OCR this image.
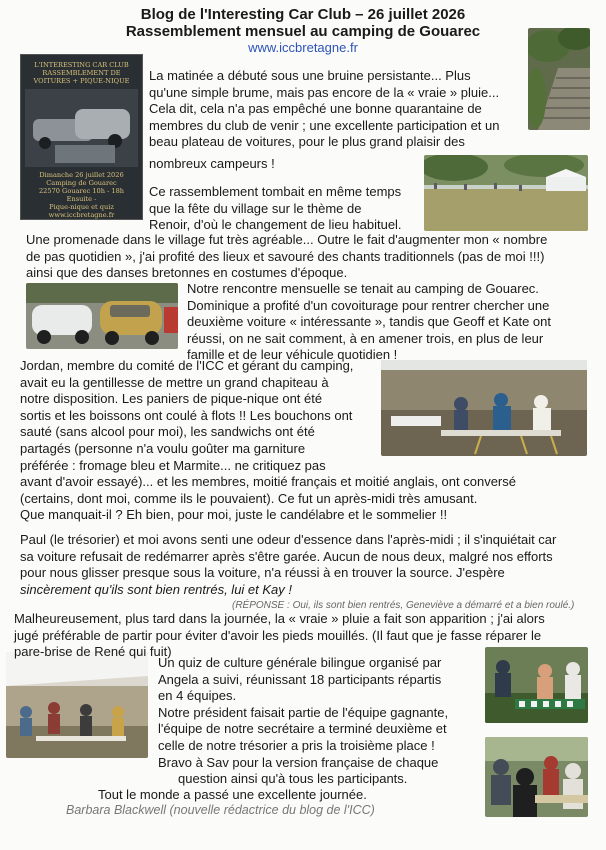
Blog de l'Interesting Car Club – 26 juillet 2026
Rassemblement mensuel au camping de Gouarec
www.iccbretagne.fr
L'INTERESTING CAR CLUB
RASSEMBLEMENT DE
VOITURES + PIQUE-NIQUE
Dimanche 26 juillet 2026
Camping de Gouarec
22570 Gouarec 10h - 18h
Ensuite -
Pique-nique et quiz
www.iccbretagne.fr
La matinée a débuté sous une bruine persistante... Plus
qu'une simple brume, mais pas encore de la « vraie » pluie...
Cela dit, cela n'a pas empêché une bonne quarantaine de
membres du club de venir ; une excellente participation et un
beau plateau de voitures, pour le plus grand plaisir des
nombreux campeurs !
Ce rassemblement tombait en même temps
que la fête du village sur le thème de
Renoir, d'où le changement de lieu habituel.
Une promenade dans le village fut très agréable... Outre le fait d'augmenter mon « nombre
de pas quotidien », j'ai profité des lieux et savouré des chants traditionnels (pas de moi !!!)
ainsi que des danses bretonnes en costumes d'époque.
Notre rencontre mensuelle se tenait au camping de Gouarec.
Dominique a profité d'un covoiturage pour rentrer chercher une
deuxième voiture « intéressante », tandis que Geoff et Kate ont
réussi, on ne sait comment, à en amener trois, en plus de leur
famille et de leur véhicule quotidien !
Jordan, membre du comité de l'ICC et gérant du camping,
avait eu la gentillesse de mettre un grand chapiteau à
notre disposition. Les paniers de pique-nique ont été
sortis et les boissons ont coulé à flots !! Les bouchons ont
sauté (sans alcool pour moi), les sandwichs ont été
partagés (personne n'a voulu goûter ma garniture
préférée : fromage bleu et Marmite... ne critiquez pas
avant d'avoir essayé)... et les membres, moitié français et moitié anglais, ont conversé
(certains, dont moi, comme ils le pouvaient). Ce fut un après-midi très amusant.
Que manquait-il ? Eh bien, pour moi, juste le candélabre et le sommelier !!
Paul (le trésorier) et moi avons senti une odeur d'essence dans l'après-midi ; il s'inquiétait car
sa voiture refusait de redémarrer après s'être garée. Aucun de nous deux, malgré nos efforts
pour nous glisser presque sous la voiture, n'a réussi à en trouver la source. J'espère
sincèrement qu'ils sont bien rentrés, lui et Kay !
(RÉPONSE : Oui, ils sont bien rentrés, Geneviève a démarré et a bien roulé.)
Malheureusement, plus tard dans la journée, la « vraie » pluie a fait son apparition ; j'ai alors
jugé préférable de partir pour éviter d'avoir les pieds mouillés. (Il faut que je fasse réparer le
pare-brise de René qui fuit)
Un quiz de culture générale bilingue organisé par
Angela a suivi, réunissant 18 participants répartis
en 4 équipes.
Notre président faisait partie de l'équipe gagnante,
l'équipe de notre secrétaire a terminé deuxième et
celle de notre trésorier a pris la troisième place !
Bravo à Sav pour la version française de chaque
question ainsi qu'à tous les participants.
Tout le monde a passé une excellente journée.
Barbara Blackwell (nouvelle rédactrice du blog de l'ICC)
